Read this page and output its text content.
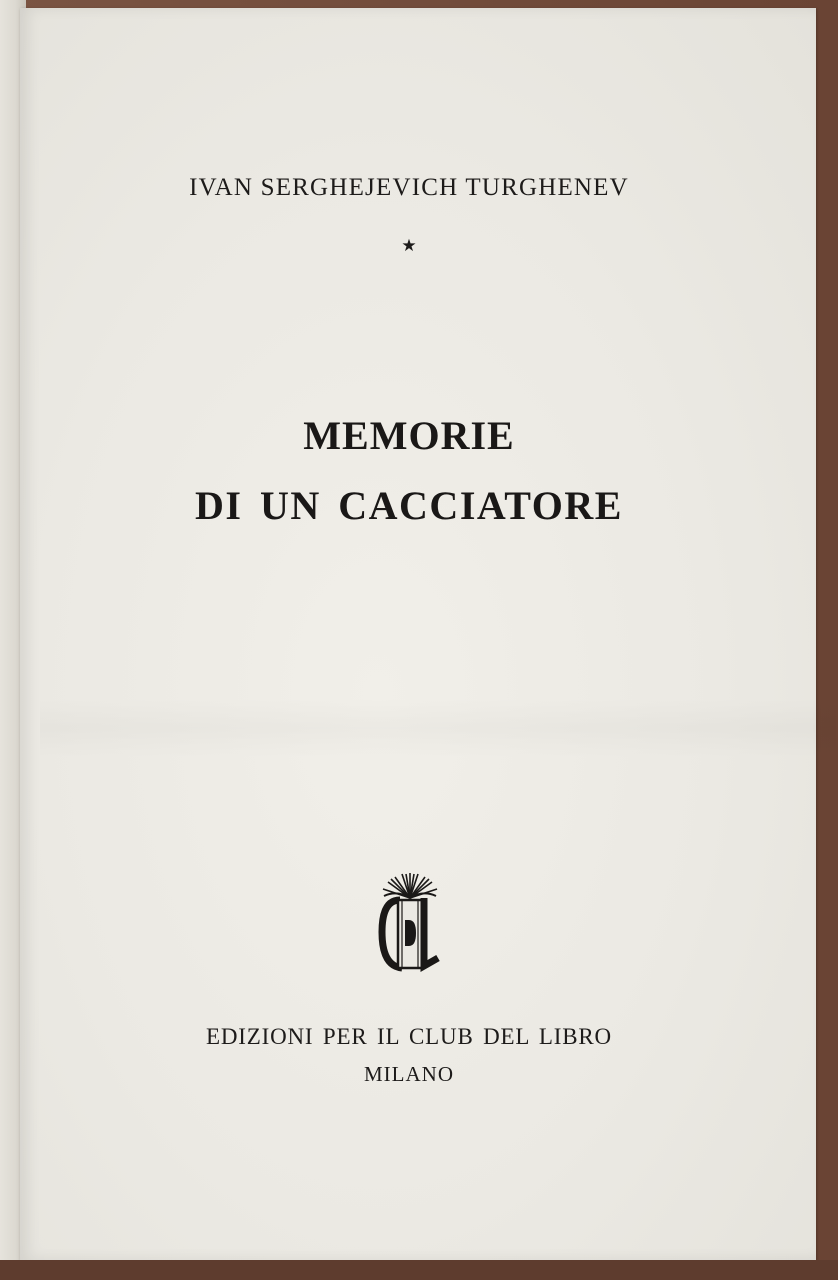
IVAN SERGHEJEVICH TURGHENEV
★
MEMORIE
DI UN CACCIATORE
EDIZIONI PER IL CLUB DEL LIBRO
MILANO
